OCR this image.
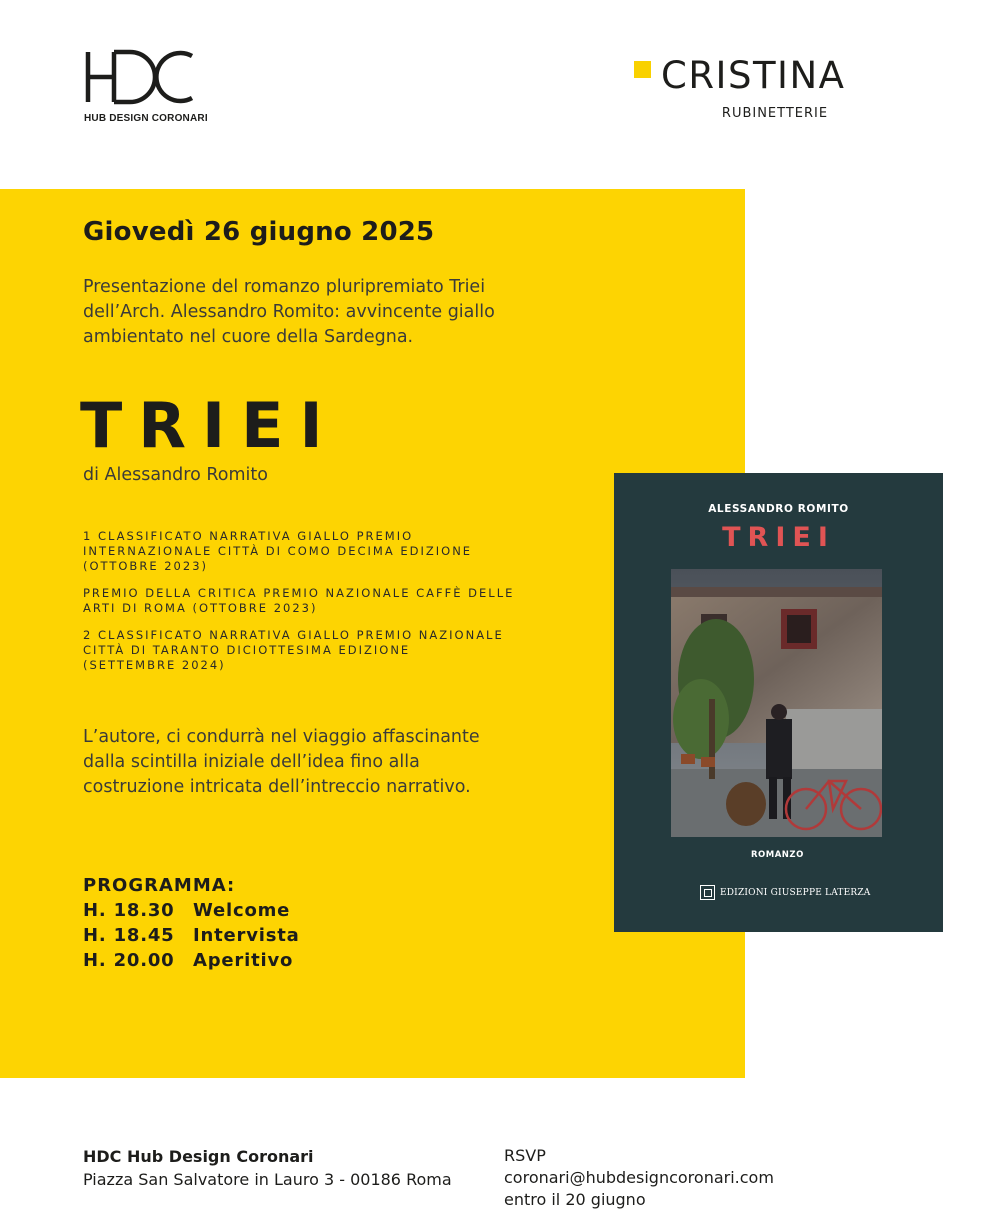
HUB DESIGN CORONARI
CRISTINA
RUBINETTERIE
Giovedì 26 giugno 2025
Presentazione del romanzo pluripremiato Triei
dell’Arch. Alessandro Romito: avvincente giallo
ambientato nel cuore della Sardegna.
TRIEI
di Alessandro Romito
1 CLASSIFICATO NARRATIVA GIALLO PREMIO
INTERNAZIONALE CITTÀ DI COMO DECIMA EDIZIONE
(OTTOBRE 2023)
PREMIO DELLA CRITICA PREMIO NAZIONALE CAFFÈ DELLE
ARTI DI ROMA (OTTOBRE 2023)
2 CLASSIFICATO NARRATIVA GIALLO PREMIO NAZIONALE
CITTÀ DI TARANTO DICIOTTESIMA EDIZIONE
(SETTEMBRE 2024)
L’autore, ci condurrà nel viaggio affascinante
dalla scintilla iniziale dell’idea fino alla
costruzione intricata dell’intreccio narrativo.
PROGRAMMA:
H. 18.30	Welcome
H. 18.45	Intervista
H. 20.00	Aperitivo
ALESSANDRO ROMITO
TRIEI
ROMANZO
EDIZIONI GIUSEPPE LATERZA
HDC Hub Design Coronari
Piazza San Salvatore in Lauro 3 - 00186 Roma
RSVP
coronari@hubdesigncoronari.com
entro il 20 giugno
